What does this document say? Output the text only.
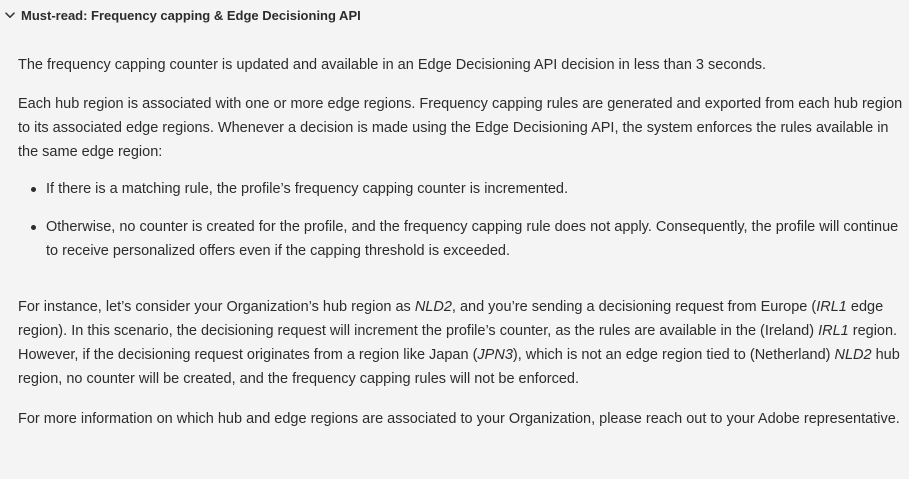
Must-read: Frequency capping & Edge Decisioning API

The frequency capping counter is updated and available in an Edge Decisioning API decision in less than 3 seconds.

Each hub region is associated with one or more edge regions. Frequency capping rules are generated and exported from each hub region to its associated edge regions. Whenever a decision is made using the Edge Decisioning API, the system enforces the rules available in the same edge region:

If there is a matching rule, the profile’s frequency capping counter is incremented.
Otherwise, no counter is created for the profile, and the frequency capping rule does not apply. Consequently, the profile will continue to receive personalized offers even if the capping threshold is exceeded.

For instance, let’s consider your Organization’s hub region as NLD2, and you’re sending a decisioning request from Europe (IRL1 edge region). In this scenario, the decisioning request will increment the profile’s counter, as the rules are available in the (Ireland) IRL1 region. However, if the decisioning request originates from a region like Japan (JPN3), which is not an edge region tied to (Netherland) NLD2 hub region, no counter will be created, and the frequency capping rules will not be enforced.

For more information on which hub and edge regions are associated to your Organization, please reach out to your Adobe representative.
